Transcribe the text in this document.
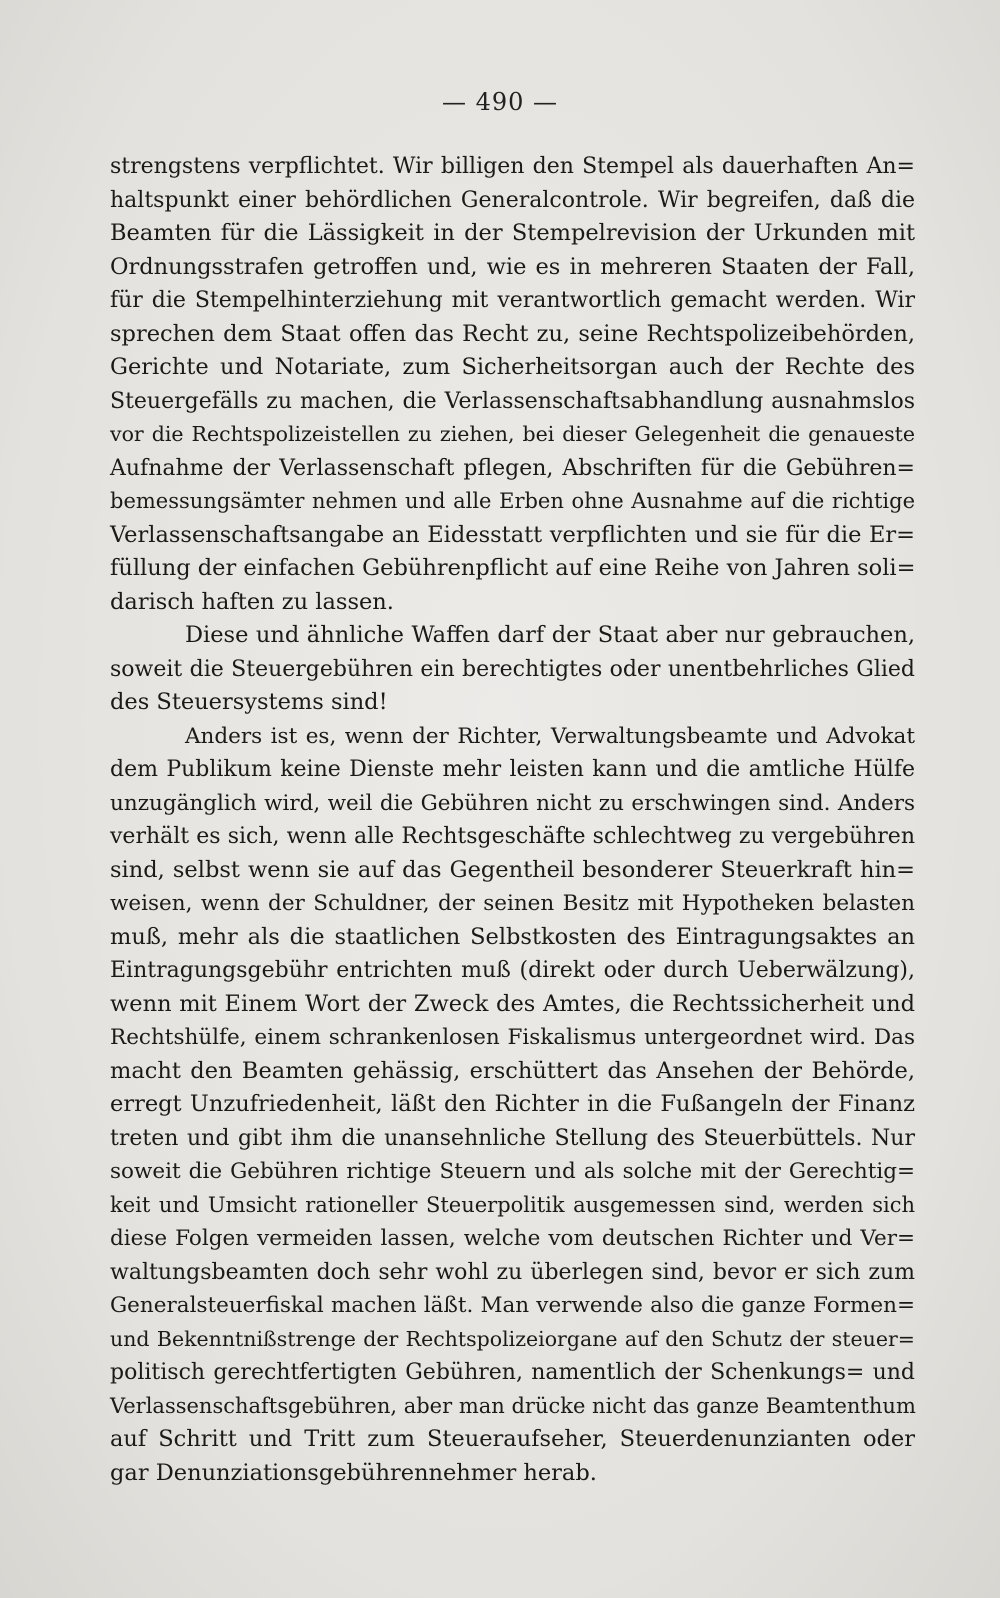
— 490 —
strengstens verpflichtet. Wir billigen den Stempel als dauerhaften An=
haltspunkt einer behördlichen Generalcontrole. Wir begreifen, daß die
Beamten für die Lässigkeit in der Stempelrevision der Urkunden mit
Ordnungsstrafen getroffen und, wie es in mehreren Staaten der Fall,
für die Stempelhinterziehung mit verantwortlich gemacht werden. Wir
sprechen dem Staat offen das Recht zu, seine Rechtspolizeibehörden,
Gerichte und Notariate, zum Sicherheitsorgan auch der Rechte des
Steuergefälls zu machen, die Verlassenschaftsabhandlung ausnahmslos
vor die Rechtspolizeistellen zu ziehen, bei dieser Gelegenheit die genaueste
Aufnahme der Verlassenschaft pflegen, Abschriften für die Gebühren=
bemessungsämter nehmen und alle Erben ohne Ausnahme auf die richtige
Verlassenschaftsangabe an Eidesstatt verpflichten und sie für die Er=
füllung der einfachen Gebührenpflicht auf eine Reihe von Jahren soli=
darisch haften zu lassen.
Diese und ähnliche Waffen darf der Staat aber nur gebrauchen,
soweit die Steuergebühren ein berechtigtes oder unentbehrliches Glied
des Steuersystems sind!
Anders ist es, wenn der Richter, Verwaltungsbeamte und Advokat
dem Publikum keine Dienste mehr leisten kann und die amtliche Hülfe
unzugänglich wird, weil die Gebühren nicht zu erschwingen sind. Anders
verhält es sich, wenn alle Rechtsgeschäfte schlechtweg zu vergebühren
sind, selbst wenn sie auf das Gegentheil besonderer Steuerkraft hin=
weisen, wenn der Schuldner, der seinen Besitz mit Hypotheken belasten
muß, mehr als die staatlichen Selbstkosten des Eintragungsaktes an
Eintragungsgebühr entrichten muß (direkt oder durch Ueberwälzung),
wenn mit Einem Wort der Zweck des Amtes, die Rechtssicherheit und
Rechtshülfe, einem schrankenlosen Fiskalismus untergeordnet wird. Das
macht den Beamten gehässig, erschüttert das Ansehen der Behörde,
erregt Unzufriedenheit, läßt den Richter in die Fußangeln der Finanz
treten und gibt ihm die unansehnliche Stellung des Steuerbüttels. Nur
soweit die Gebühren richtige Steuern und als solche mit der Gerechtig=
keit und Umsicht rationeller Steuerpolitik ausgemessen sind, werden sich
diese Folgen vermeiden lassen, welche vom deutschen Richter und Ver=
waltungsbeamten doch sehr wohl zu überlegen sind, bevor er sich zum
Generalsteuerfiskal machen läßt. Man verwende also die ganze Formen=
und Bekenntnißstrenge der Rechtspolizeiorgane auf den Schutz der steuer=
politisch gerechtfertigten Gebühren, namentlich der Schenkungs= und
Verlassenschaftsgebühren, aber man drücke nicht das ganze Beamtenthum
auf Schritt und Tritt zum Steueraufseher, Steuerdenunzianten oder
gar Denunziationsgebührennehmer herab.
